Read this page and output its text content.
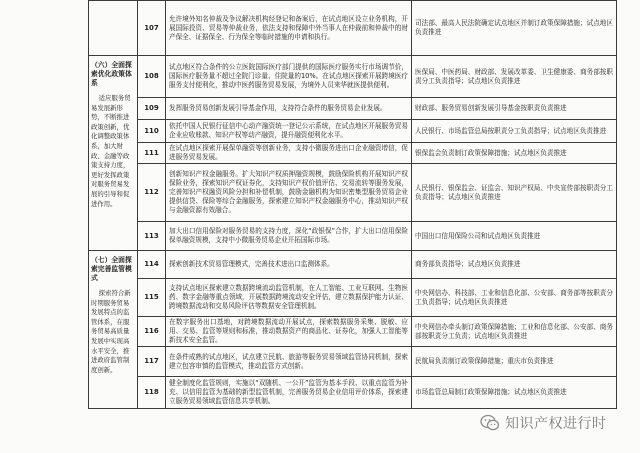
107	允许境外知名仲裁及争议解决机构经登记和备案后，在试点地区设立业务机构，开展国际投资、贸易等仲裁业务，依法支持和保障中外当事人在仲裁前和仲裁中的财产保全、证据保全、行为保全等临时措施的申请和执行。	司法部、最高人民法院确定试点地区并制订政策保障措施；试点地区负责推进

（六）全面探索优化政策体系
适应服务贸易发展新形势，不断推进政策创新，优化调整政策体系，加大财政、金融等政策支持力度，更好发挥政策对服务贸易发展的引导和促进作用。	108	试点地区符合条件的公立医院国际医疗部门提供的国际医疗服务实行市场调节价，国际医疗服务量不超过全院门诊量、住院量的10%。在试点地区探索开展跨境医疗服务支付便利化，推动中医药服务贸易发展，为境外人员来华就医提供便利。	医保局、中医药局、财政部、发展改革委、卫生健康委、商务部按职责分工负责指导；试点地区负责推进

109	发挥服务贸易创新发展引导基金作用，支持符合条件的服务贸易企业发展。	财政部、服务贸易创新发展引导基金按职责负责推进

110	依托中国人民银行征信中心动产融资统一登记公示系统，在试点地区开展服务贸易企业应收账款、知识产权等动产融资，提升融资便利化水平。	人民银行、市场监管总局按职责分工负责指导；试点地区负责推进

111	在试点地区探索开展保单融资等创新业务，支持小微服务进出口企业融资增信，促进服务贸易发展。	银保监会负责制订政策保障措施；试点地区负责推进

112	创新知识产权金融服务。扩大知识产权质押融资规模，鼓励保险机构开展知识产权保险业务，探索知识产权证券化，支持知识产权价值评估、交易流转等服务发展，完善知识产权融资风险分担和补偿机制，鼓励金融机构为知识密集型服务贸易企业提供信贷、保险等综合金融服务，探索建立知识产权金融服务中心，推动知识产权与金融资源有效融合。	人民银行、银保监会、证监会、知识产权局、中央宣传部按职责分工负责指导；试点地区负责推进

113	加大出口信用保险对服务贸易的支持力度，深化“政银保”合作，扩大出口信用保险保单融资规模，支持中小微服务贸易企业开拓国际市场。	中国出口信用保险公司和试点地区负责推进

（七）全面探索完善监管模式
探索符合新时期服务贸易发展特点的监管体系，在服务贸易高质量发展中实现高水平安全，推进政府监管制度创新。	114	探索创新技术贸易管理模式，完善技术进出口监测体系。	商务部负责指导；试点地区负责推进

115	支持试点地区探索建立数据跨境流动监管机制，在人工智能、工业互联网、生物医药、数字金融等重点领域，开展数据跨境流动安全评估，建立数据保护能力认证、跨境数据流动和交易风险评估等数据安全管理机制。	中央网信办、科技部、工业和信息化部、公安部、商务部等按职责分工负责指导；试点地区负责推进

116	在数字服务出口基地，对跨境数据流动开展试点，探索数据服务采集、脱敏、应用、交易、监管等规则和标准，推动数据资产的商品化、证券化，加强人工智能等新技术安全监管。	中央网信办牵头制订政策保障措施；工业和信息化部、公安部、商务部按职责分工负责；试点地区负责推进

117	在条件成熟的试点地区，试点建立民航、旅游等服务贸易领域监管协同机制，探索建立包容审慎的监管模式，推动监管方式创新。	民航局负责制订政策保障措施；重庆市负责推进

118	健全制度化监管规则，实施以“双随机、一公开”监管为基本手段、以重点监管为补充、以信用监管为基础的新型监管机制，完善服务贸易企业信用评价体系，探索建立服务贸易领域监管信息共享机制。	市场监管总局制订政策保障措施；试点地区负责推进
知识产权进行时
